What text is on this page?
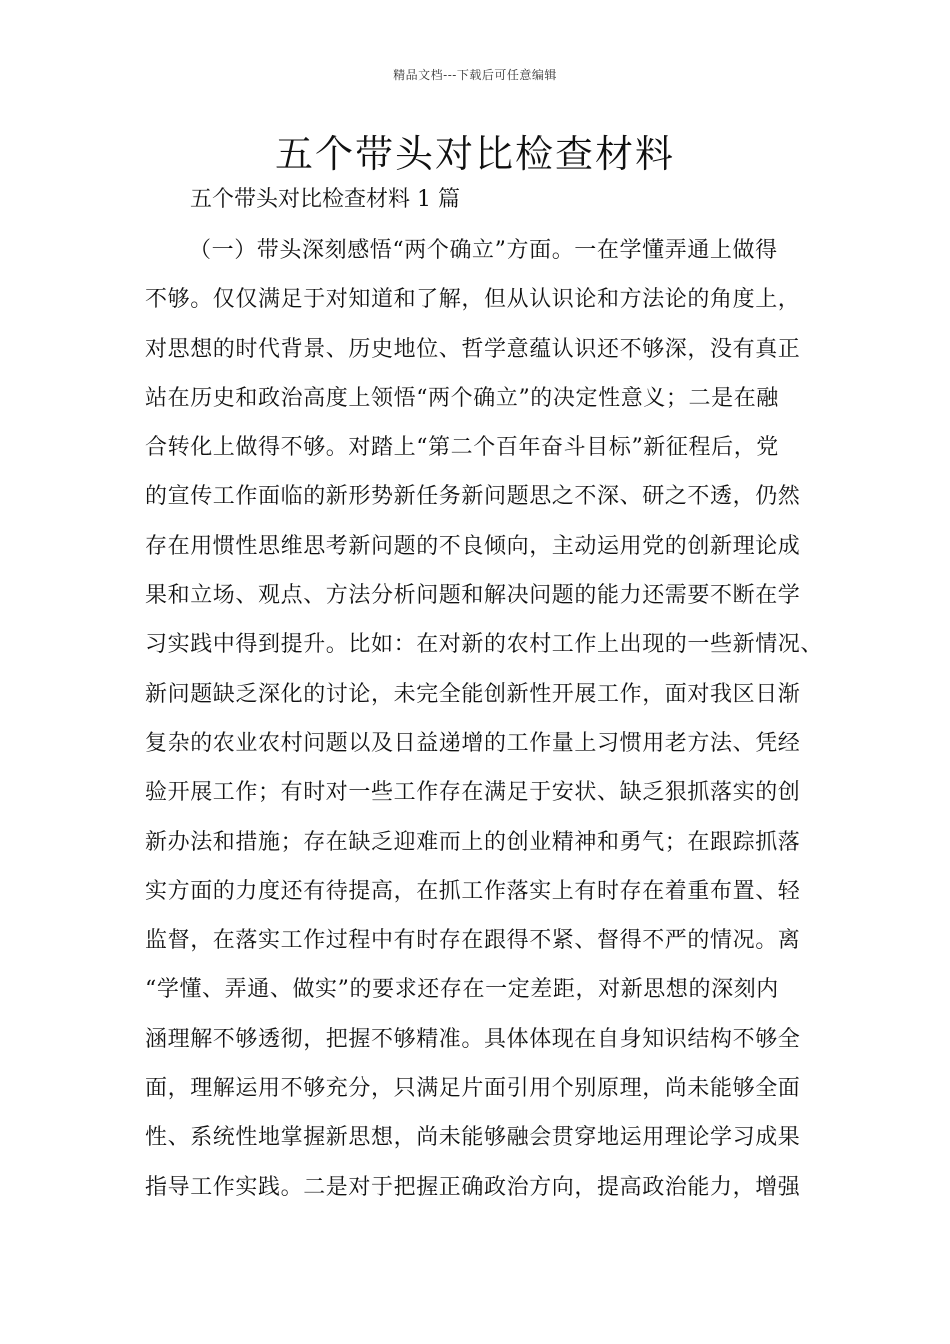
精品文档---下载后可任意编辑
五个带头对比检查材料
五个带头对比检查材料 1 篇
（一）带头深刻感悟“两个确立”方面。一在学懂弄通上做得
不够。仅仅满足于对知道和了解，但从认识论和方法论的角度上，
对思想的时代背景、历史地位、哲学意蕴认识还不够深，没有真正
站在历史和政治高度上领悟“两个确立”的决定性意义；二是在融
合转化上做得不够。对踏上“第二个百年奋斗目标”新征程后，党
的宣传工作面临的新形势新任务新问题思之不深、研之不透，仍然
存在用惯性思维思考新问题的不良倾向，主动运用党的创新理论成
果和立场、观点、方法分析问题和解决问题的能力还需要不断在学
习实践中得到提升。比如：在对新的农村工作上出现的一些新情况、
新问题缺乏深化的讨论，未完全能创新性开展工作，面对我区日渐
复杂的农业农村问题以及日益递增的工作量上习惯用老方法、凭经
验开展工作；有时对一些工作存在满足于安状、缺乏狠抓落实的创
新办法和措施；存在缺乏迎难而上的创业精神和勇气；在跟踪抓落
实方面的力度还有待提高，在抓工作落实上有时存在着重布置、轻
监督，在落实工作过程中有时存在跟得不紧、督得不严的情况。离
“学懂、弄通、做实”的要求还存在一定差距，对新思想的深刻内
涵理解不够透彻，把握不够精准。具体体现在自身知识结构不够全
面，理解运用不够充分，只满足片面引用个别原理，尚未能够全面
性、系统性地掌握新思想，尚未能够融会贯穿地运用理论学习成果
指导工作实践。二是对于把握正确政治方向，提高政治能力，增强
